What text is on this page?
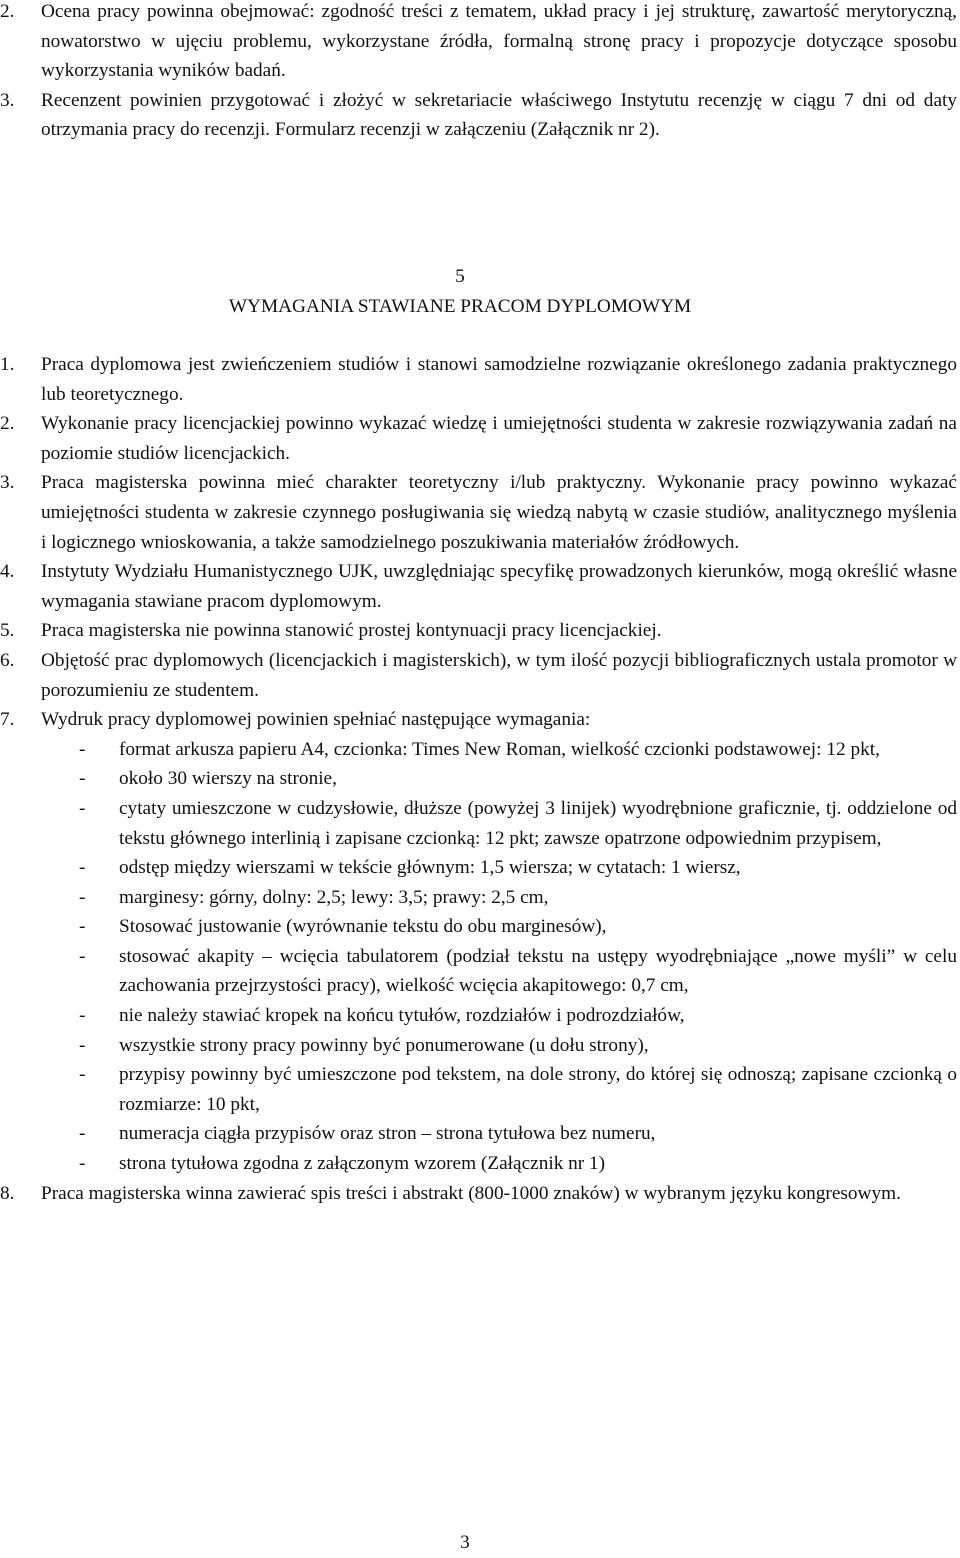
2.	Ocena pracy powinna obejmować: zgodność treści z tematem, układ pracy i jej strukturę, zawartość merytoryczną, nowatorstwo w ujęciu problemu, wykorzystane źródła, formalną stronę pracy i propozycje dotyczące sposobu wykorzystania wyników badań.
3.	Recenzent powinien przygotować i złożyć w sekretariacie właściwego Instytutu recenzję w ciągu 7 dni od daty otrzymania pracy do recenzji. Formularz recenzji w załączeniu (Załącznik nr 2).
5
WYMAGANIA STAWIANE PRACOM DYPLOMOWYM
1.	Praca dyplomowa jest zwieńczeniem studiów i stanowi samodzielne rozwiązanie określonego zadania praktycznego lub teoretycznego.
2.	Wykonanie pracy licencjackiej powinno wykazać wiedzę i umiejętności studenta w zakresie rozwiązywania zadań na poziomie studiów licencjackich.
3.	Praca magisterska powinna mieć charakter teoretyczny i/lub praktyczny. Wykonanie pracy powinno wykazać umiejętności studenta w zakresie czynnego posługiwania się wiedzą nabytą w czasie studiów, analitycznego myślenia i logicznego wnioskowania, a także samodzielnego poszukiwania materiałów źródłowych.
4.	Instytuty Wydziału Humanistycznego UJK, uwzględniając specyfikę prowadzonych kierunków, mogą określić własne wymagania stawiane pracom dyplomowym.
5.	Praca magisterska nie powinna stanowić prostej kontynuacji pracy licencjackiej.
6.	Objętość prac dyplomowych (licencjackich i magisterskich), w tym ilość pozycji bibliograficznych ustala promotor w porozumieniu ze studentem.
7.	Wydruk pracy dyplomowej powinien spełniać następujące wymagania:
- format arkusza papieru A4, czcionka: Times New Roman, wielkość czcionki podstawowej: 12 pkt,
- około 30 wierszy na stronie,
- cytaty umieszczone w cudzysłowie, dłuższe (powyżej 3 linijek) wyodrębnione graficznie, tj. oddzielone od tekstu głównego interlinią i zapisane czcionką: 12 pkt; zawsze opatrzone odpowiednim przypisem,
- odstęp między wierszami w tekście głównym: 1,5 wiersza; w cytatach: 1 wiersz,
- marginesy: górny, dolny: 2,5; lewy: 3,5; prawy: 2,5 cm,
- Stosować justowanie (wyrównanie tekstu do obu marginesów),
- stosować akapity – wcięcia tabulatorem (podział tekstu na ustępy wyodrębniające „nowe myśli” w celu zachowania przejrzystości pracy), wielkość wcięcia akapitowego: 0,7 cm,
- nie należy stawiać kropek na końcu tytułów, rozdziałów i podrozdziałów,
- wszystkie strony pracy powinny być ponumerowane (u dołu strony),
- przypisy powinny być umieszczone pod tekstem, na dole strony, do której się odnoszą; zapisane czcionką o rozmiarze: 10 pkt,
- numeracja ciągła przypisów oraz stron – strona tytułowa bez numeru,
- strona tytułowa zgodna z załączonym wzorem (Załącznik nr 1)
8.	Praca magisterska winna zawierać spis treści i abstrakt (800-1000 znaków) w wybranym języku kongresowym.
3
